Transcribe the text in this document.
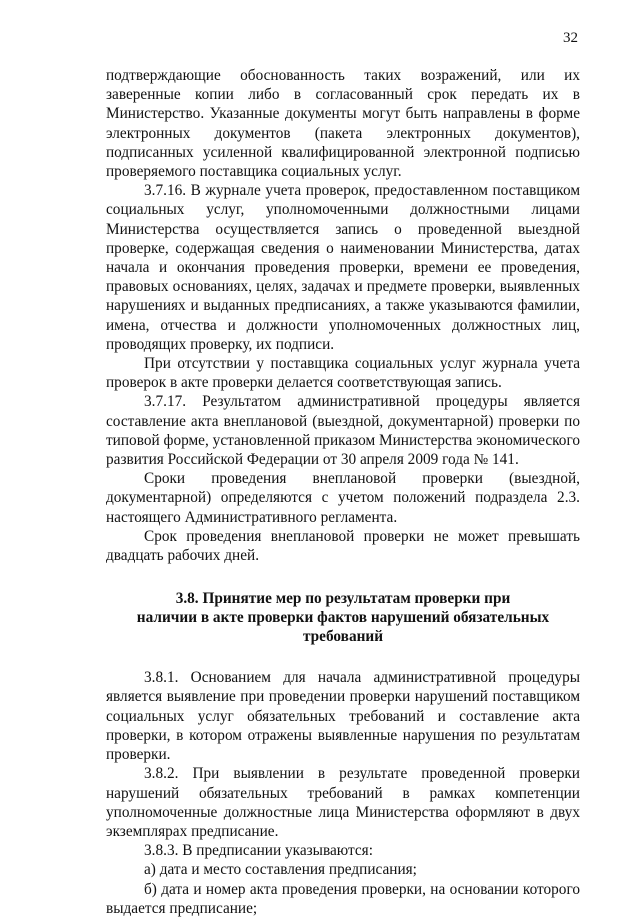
32

подтверждающие обоснованность таких возражений, или их заверенные копии либо в согласованный срок передать их в Министерство. Указанные документы могут быть направлены в форме электронных документов (пакета электронных документов), подписанных усиленной квалифицированной электронной подписью проверяемого поставщика социальных услуг.

3.7.16. В журнале учета проверок, предоставленном поставщиком социальных услуг, уполномоченными должностными лицами Министерства осуществляется запись о проведенной выездной проверке, содержащая сведения о наименовании Министерства, датах начала и окончания проведения проверки, времени ее проведения, правовых основаниях, целях, задачах и предмете проверки, выявленных нарушениях и выданных предписаниях, а также указываются фамилии, имена, отчества и должности уполномоченных должностных лиц, проводящих проверку, их подписи.

При отсутствии у поставщика социальных услуг журнала учета проверок в акте проверки делается соответствующая запись.

3.7.17. Результатом административной процедуры является составление акта внеплановой (выездной, документарной) проверки по типовой форме, установленной приказом Министерства экономического развития Российской Федерации от 30 апреля 2009 года № 141.

Сроки проведения внеплановой проверки (выездной, документарной) определяются с учетом положений подраздела 2.3. настоящего Административного регламента.

Срок проведения внеплановой проверки не может превышать двадцать рабочих дней.

3.8. Принятие мер по результатам проверки при
наличии в акте проверки фактов нарушений обязательных
требований

3.8.1. Основанием для начала административной процедуры является выявление при проведении проверки нарушений поставщиком социальных услуг обязательных требований и составление акта проверки, в котором отражены выявленные нарушения по результатам проверки.

3.8.2. При выявлении в результате проведенной проверки нарушений обязательных требований в рамках компетенции уполномоченные должностные лица Министерства оформляют в двух экземплярах предписание.

3.8.3. В предписании указываются:

а) дата и место составления предписания;

б) дата и номер акта проведения проверки, на основании которого выдается предписание;
